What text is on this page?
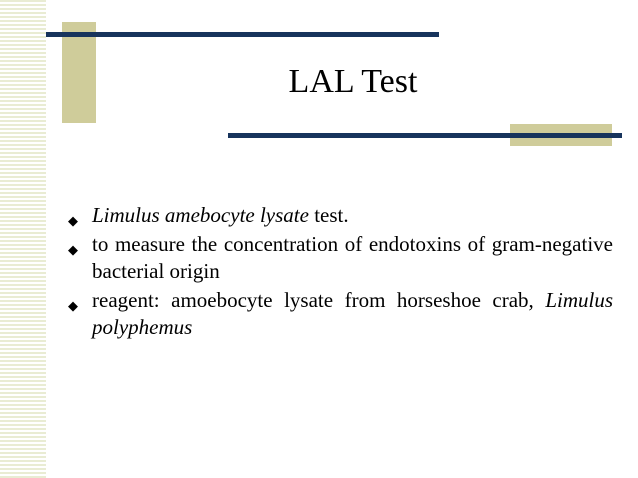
LAL Test
◆ Limulus amebocyte lysate test.
◆ to measure the concentration of endotoxins of gram-negative bacterial origin
◆ reagent: amoebocyte lysate from horseshoe crab, Limulus polyphemus
